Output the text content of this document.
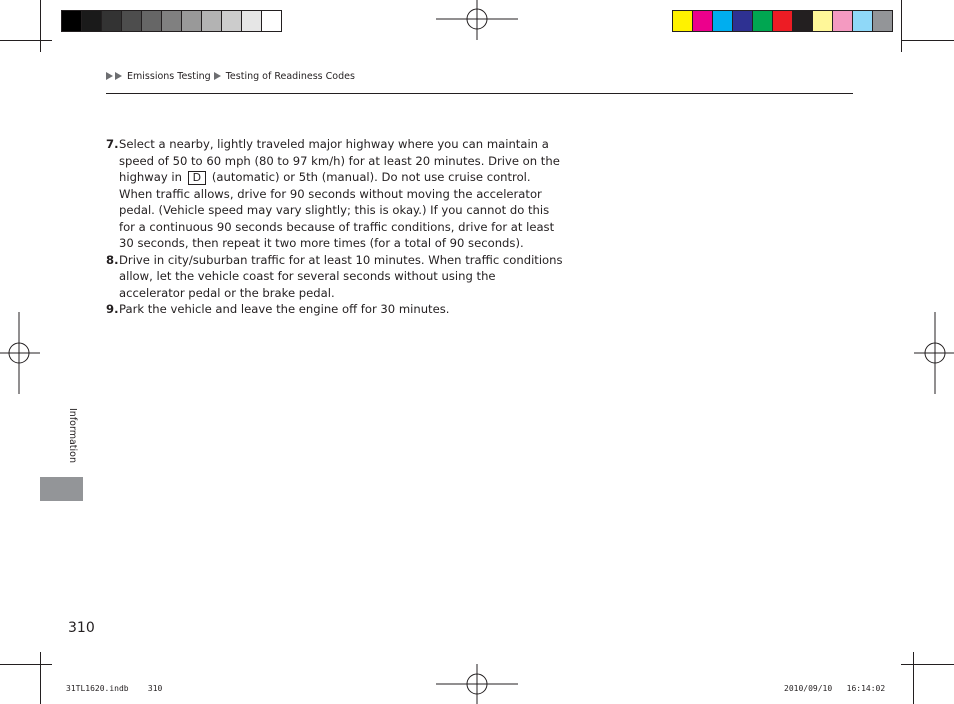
Emissions Testing Testing of Readiness Codes

7. Select a nearby, lightly traveled major highway where you can maintain a speed of 50 to 60 mph (80 to 97 km/h) for at least 20 minutes. Drive on the highway in D (automatic) or 5th (manual). Do not use cruise control. When traffic allows, drive for 90 seconds without moving the accelerator pedal. (Vehicle speed may vary slightly; this is okay.) If you cannot do this for a continuous 90 seconds because of traffic conditions, drive for at least 30 seconds, then repeat it two more times (for a total of 90 seconds).

8. Drive in city/suburban traffic for at least 10 minutes. When traffic conditions allow, let the vehicle coast for several seconds without using the accelerator pedal or the brake pedal.

9. Park the vehicle and leave the engine off for 30 minutes.

Information
310
31TL1620.indb 310	2010/09/10 16:14:02
